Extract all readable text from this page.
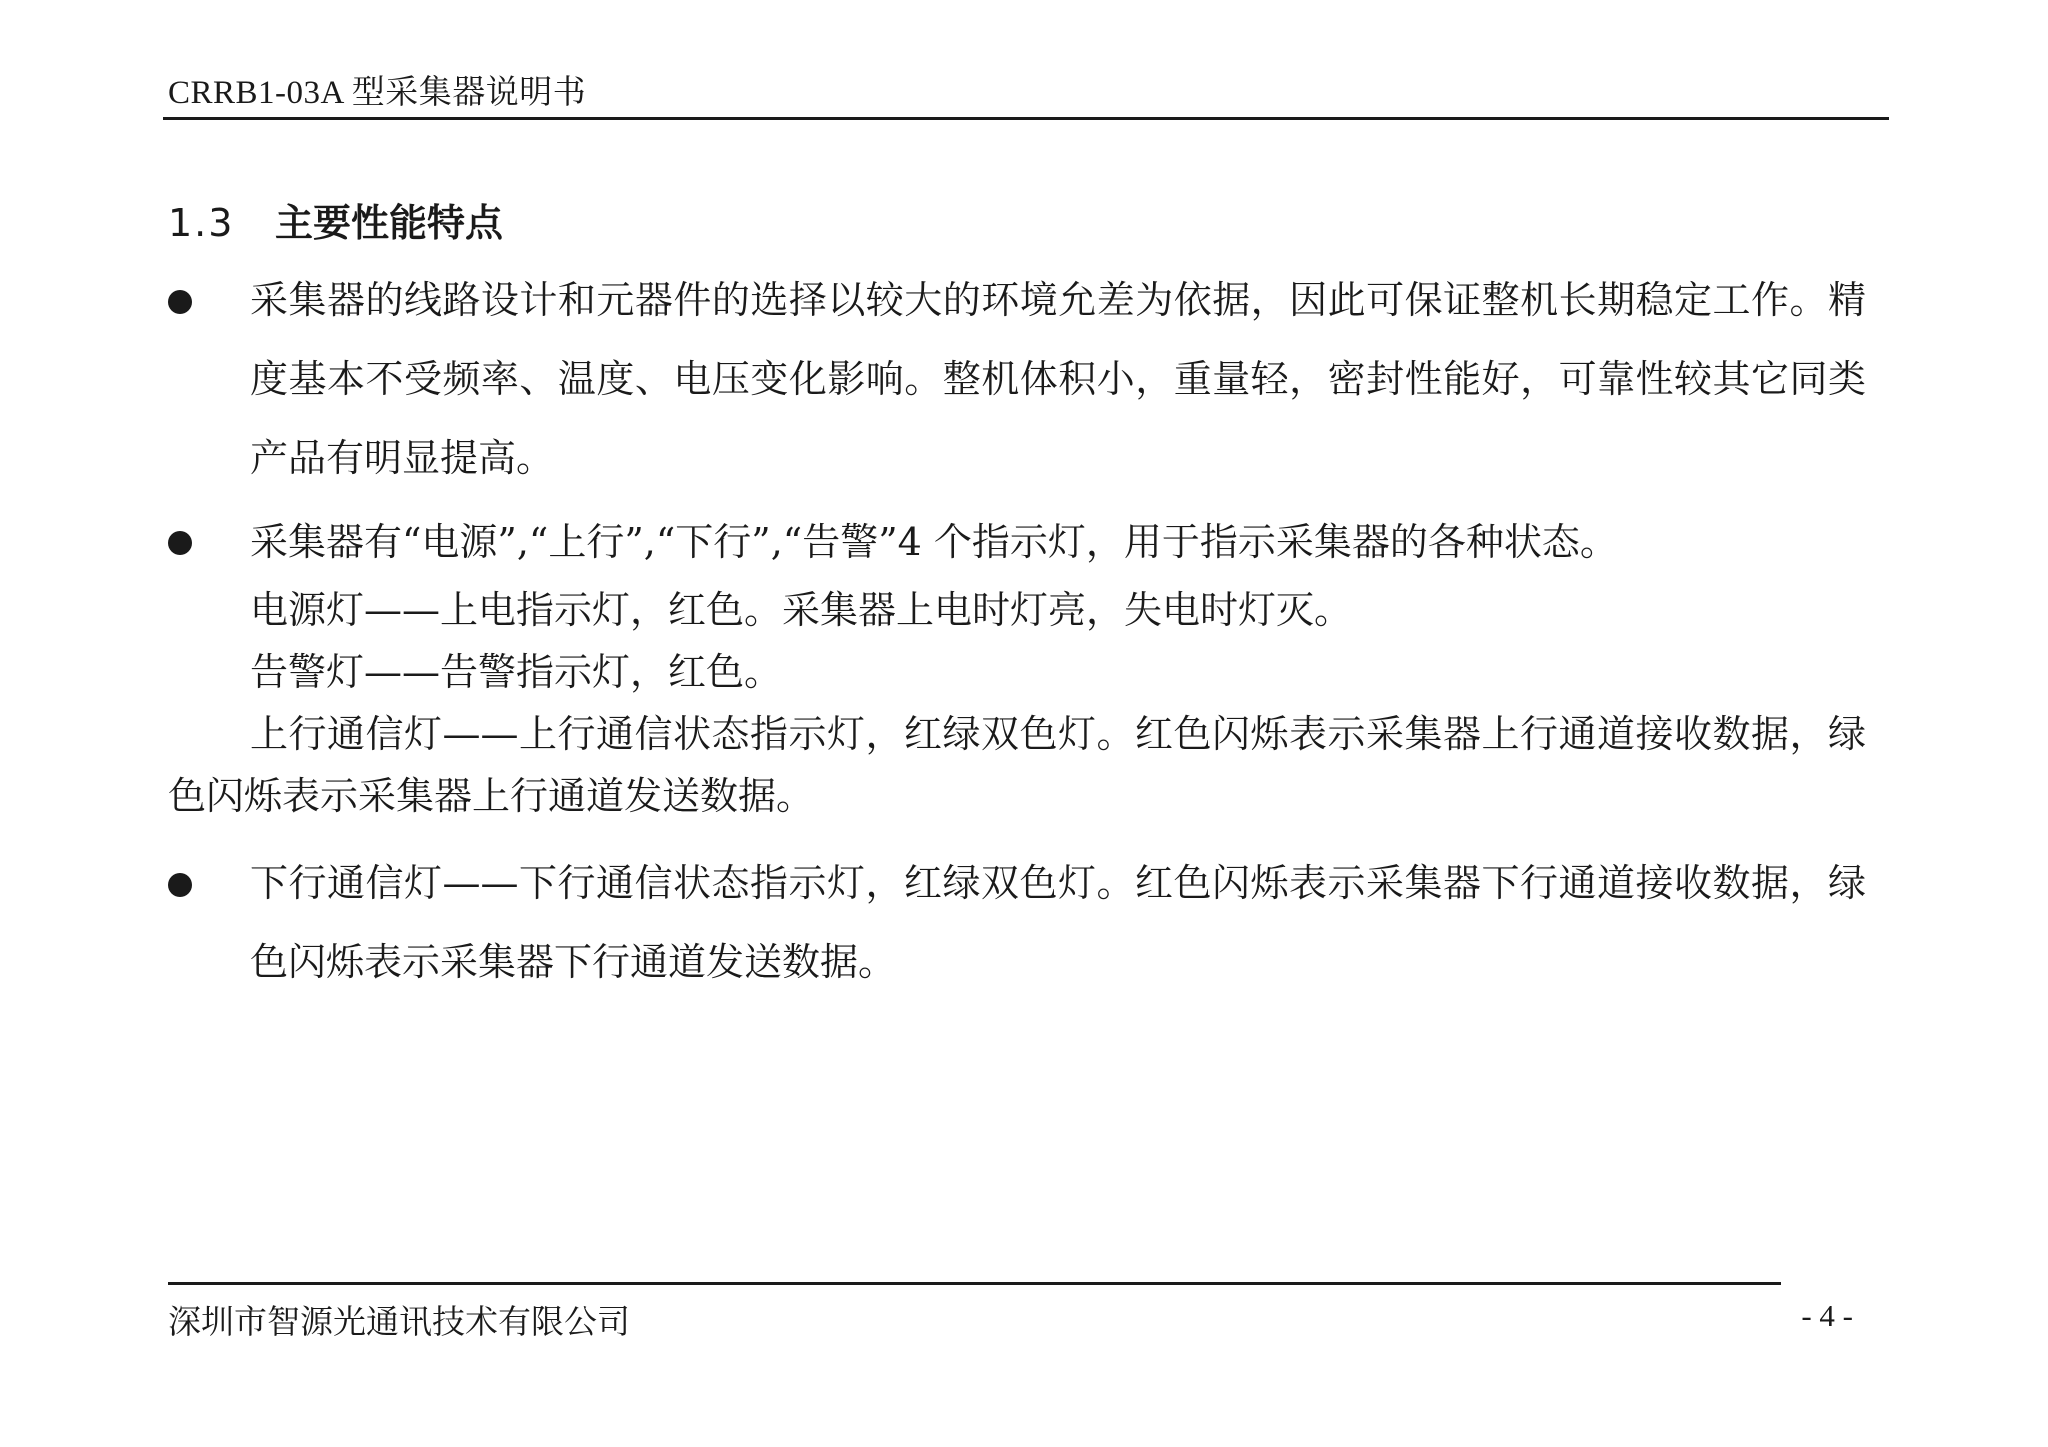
CRRB1-03A 型采集器说明书
1.3 主要性能特点
采集器的线路设计和元器件的选择以较大的环境允差为依据，因此可保证整机长期稳定工作。精度基本不受频率、温度、电压变化影响。整机体积小，重量轻，密封性能好，可靠性较其它同类产品有明显提高。
采集器有“电源”,“上行”,“下行”,“告警”4 个指示灯，用于指示采集器的各种状态。
电源灯——上电指示灯，红色。采集器上电时灯亮，失电时灯灭。
告警灯——告警指示灯，红色。
上行通信灯——上行通信状态指示灯，红绿双色灯。红色闪烁表示采集器上行通道接收数据，绿色闪烁表示采集器上行通道发送数据。
下行通信灯——下行通信状态指示灯，红绿双色灯。红色闪烁表示采集器下行通道接收数据，绿色闪烁表示采集器下行通道发送数据。
深圳市智源光通讯技术有限公司	- 4 -
